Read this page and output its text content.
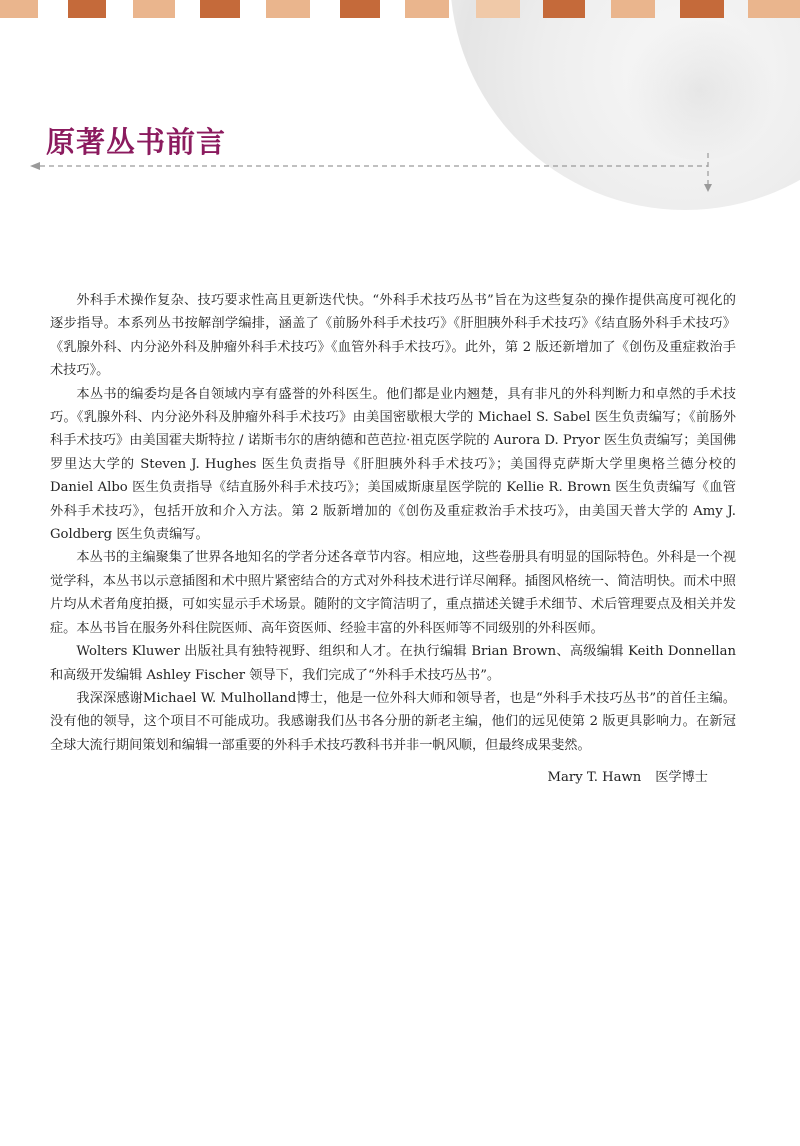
原著丛书前言

外科手术操作复杂、技巧要求性高且更新迭代快。“外科手术技巧丛书”旨在为这些复杂的操作提供高度可视化的逐步指导。本系列丛书按解剖学编排，涵盖了《前肠外科手术技巧》《肝胆胰外科手术技巧》《结直肠外科手术技巧》《乳腺外科、内分泌外科及肿瘤外科手术技巧》《血管外科手术技巧》。此外，第 2 版还新增加了《创伤及重症救治手术技巧》。

本丛书的编委均是各自领域内享有盛誉的外科医生。他们都是业内翘楚，具有非凡的外科判断力和卓然的手术技巧。《乳腺外科、内分泌外科及肿瘤外科手术技巧》由美国密歇根大学的 Michael S. Sabel 医生负责编写；《前肠外科手术技巧》由美国霍夫斯特拉 / 诺斯韦尔的唐纳德和芭芭拉·祖克医学院的 Aurora D. Pryor 医生负责编写；美国佛罗里达大学的 Steven J. Hughes 医生负责指导《肝胆胰外科手术技巧》；美国得克萨斯大学里奥格兰德分校的 Daniel Albo 医生负责指导《结直肠外科手术技巧》；美国威斯康星医学院的 Kellie R. Brown 医生负责编写《血管外科手术技巧》，包括开放和介入方法。第 2 版新增加的《创伤及重症救治手术技巧》，由美国天普大学的 Amy J. Goldberg 医生负责编写。

本丛书的主编聚集了世界各地知名的学者分述各章节内容。相应地，这些卷册具有明显的国际特色。外科是一个视觉学科，本丛书以示意插图和术中照片紧密结合的方式对外科技术进行详尽阐释。插图风格统一、简洁明快。而术中照片均从术者角度拍摄，可如实显示手术场景。随附的文字简洁明了，重点描述关键手术细节、术后管理要点及相关并发症。本丛书旨在服务外科住院医师、高年资医师、经验丰富的外科医师等不同级别的外科医师。

Wolters Kluwer 出版社具有独特视野、组织和人才。在执行编辑 Brian Brown、高级编辑 Keith Donnellan 和高级开发编辑 Ashley Fischer 领导下，我们完成了“外科手术技巧丛书”。

我深深感谢Michael W. Mulholland博士，他是一位外科大师和领导者，也是“外科手术技巧丛书”的首任主编。没有他的领导，这个项目不可能成功。我感谢我们丛书各分册的新老主编，他们的远见使第 2 版更具影响力。在新冠全球大流行期间策划和编辑一部重要的外科手术技巧教科书并非一帆风顺，但最终成果斐然。

Mary T. Hawn 医学博士
